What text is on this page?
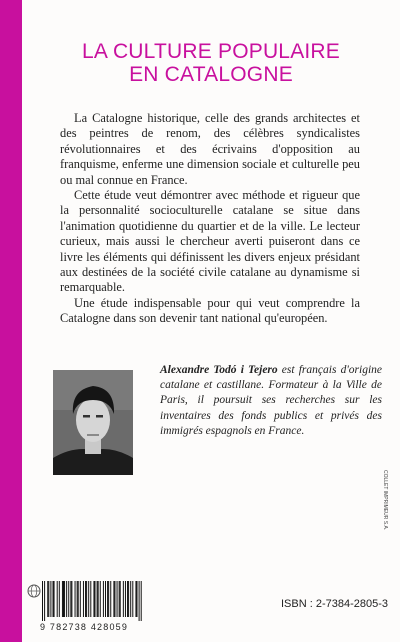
LA CULTURE POPULAIRE
EN CATALOGNE

La Catalogne historique, celle des grands architectes et des peintres de renom, des célèbres syndicalistes révolutionnaires et des écrivains d'opposition au franquisme, enferme une dimension sociale et culturelle peu ou mal connue en France.

Cette étude veut démontrer avec méthode et rigueur que la personnalité socioculturelle catalane se situe dans l'animation quotidienne du quartier et de la ville. Le lecteur curieux, mais aussi le chercheur averti puiseront dans ce livre les éléments qui définissent les divers enjeux présidant aux destinées de la société civile catalane au dynamisme si remarquable.

Une étude indispensable pour qui veut comprendre la Catalogne dans son devenir tant national qu'européen.

Alexandre Todó i Tejero est français d'origine catalane et castillane. Formateur à la Ville de Paris, il poursuit ses recherches sur les inventaires des fonds publics et privés des immigrés espagnols en France.

COLLET IMPRIMEUR S.A.
9 782738 428059
ISBN : 2-7384-2805-3
